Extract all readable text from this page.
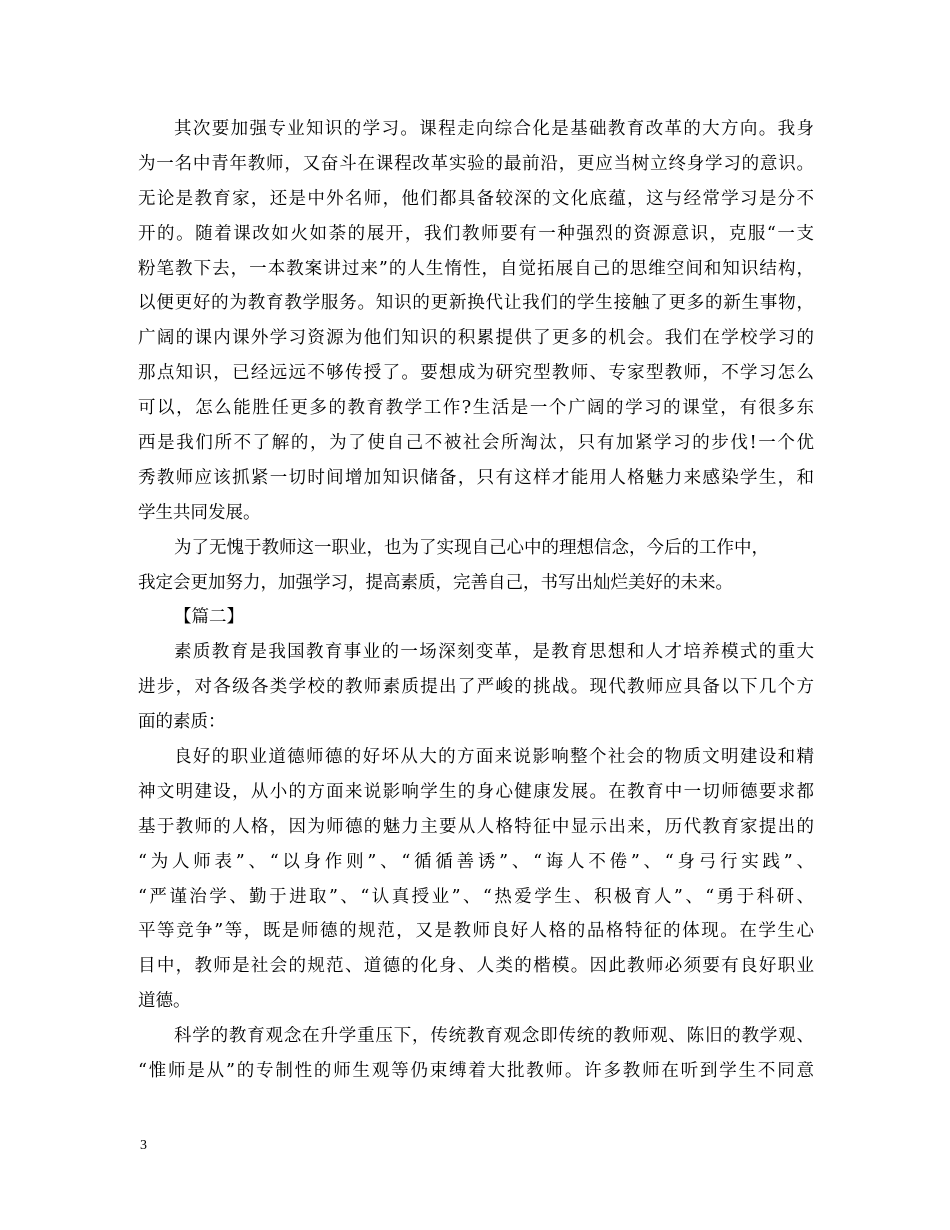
其次要加强专业知识的学习。课程走向综合化是基础教育改革的大方向。我身
为一名中青年教师，又奋斗在课程改革实验的最前沿，更应当树立终身学习的意识。
无论是教育家，还是中外名师，他们都具备较深的文化底蕴，这与经常学习是分不
开的。随着课改如火如荼的展开，我们教师要有一种强烈的资源意识，克服“一支
粉笔教下去，一本教案讲过来”的人生惰性，自觉拓展自己的思维空间和知识结构，
以便更好的为教育教学服务。知识的更新换代让我们的学生接触了更多的新生事物，
广阔的课内课外学习资源为他们知识的积累提供了更多的机会。我们在学校学习的
那点知识，已经远远不够传授了。要想成为研究型教师、专家型教师，不学习怎么
可以，怎么能胜任更多的教育教学工作?生活是一个广阔的学习的课堂，有很多东
西是我们所不了解的，为了使自己不被社会所淘汰，只有加紧学习的步伐!一个优
秀教师应该抓紧一切时间增加知识储备，只有这样才能用人格魅力来感染学生，和
学生共同发展。
为了无愧于教师这一职业，也为了实现自己心中的理想信念，今后的工作中，
我定会更加努力，加强学习，提高素质，完善自己，书写出灿烂美好的未来。
【篇二】
素质教育是我国教育事业的一场深刻变革，是教育思想和人才培养模式的重大
进步，对各级各类学校的教师素质提出了严峻的挑战。现代教师应具备以下几个方
面的素质：
良好的职业道德师德的好坏从大的方面来说影响整个社会的物质文明建设和精
神文明建设，从小的方面来说影响学生的身心健康发展。在教育中一切师德要求都
基于教师的人格，因为师德的魅力主要从人格特征中显示出来，历代教育家提出的
“为人师表”、“以身作则”、“循循善诱”、“诲人不倦”、“身弓行实践”、
“严谨治学、勤于进取”、“认真授业”、“热爱学生、积极育人”、“勇于科研、
平等竞争”等，既是师德的规范，又是教师良好人格的品格特征的体现。在学生心
目中，教师是社会的规范、道德的化身、人类的楷模。因此教师必须要有良好职业
道德。
科学的教育观念在升学重压下，传统教育观念即传统的教师观、陈旧的教学观、
“惟师是从”的专制性的师生观等仍束缚着大批教师。许多教师在听到学生不同意
3
